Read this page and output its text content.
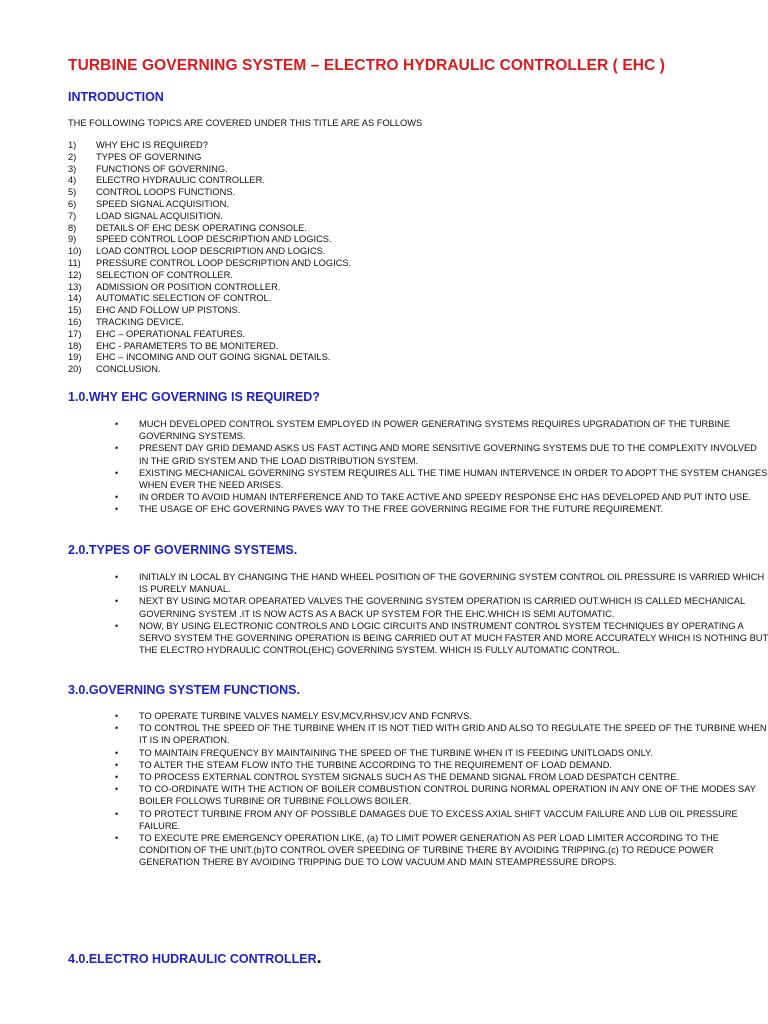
TURBINE GOVERNING SYSTEM – ELECTRO HYDRAULIC CONTROLLER ( EHC )
INTRODUCTION
THE FOLLOWING TOPICS ARE COVERED UNDER THIS TITLE ARE AS FOLLOWS
1) WHY EHC IS REQUIRED?
2) TYPES OF GOVERNING
3) FUNCTIONS OF GOVERNING.
4) ELECTRO HYDRAULIC CONTROLLER.
5) CONTROL LOOPS FUNCTIONS.
6) SPEED SIGNAL ACQUISITION.
7) LOAD SIGNAL ACQUISITION.
8) DETAILS OF EHC DESK OPERATING CONSOLE.
9) SPEED CONTROL LOOP DESCRIPTION AND LOGICS.
10) LOAD CONTROL LOOP DESCRIPTION AND LOGICS.
11) PRESSURE CONTROL LOOP DESCRIPTION AND LOGICS.
12) SELECTION OF CONTROLLER.
13) ADMISSION OR POSITION CONTROLLER.
14) AUTOMATIC SELECTION OF CONTROL.
15) EHC AND FOLLOW UP PISTONS.
16) TRACKING DEVICE.
17) EHC – OPERATIONAL FEATURES.
18) EHC - PARAMETERS TO BE MONITERED.
19) EHC – INCOMING AND OUT GOING SIGNAL DETAILS.
20) CONCLUSION.
1.0.WHY EHC GOVERNING IS REQUIRED?
• MUCH DEVELOPED CONTROL SYSTEM EMPLOYED IN POWER GENERATING SYSTEMS REQUIRES UPGRADATION OF THE TURBINE GOVERNING SYSTEMS.
• PRESENT DAY GRID DEMAND ASKS US FAST ACTING AND MORE SENSITIVE GOVERNING SYSTEMS DUE TO THE COMPLEXITY INVOLVED IN THE GRID SYSTEM AND THE LOAD DISTRIBUTION SYSTEM.
• EXISTING MECHANICAL GOVERNING SYSTEM REQUIRES ALL THE TIME HUMAN INTERVENCE IN ORDER TO ADOPT THE SYSTEM CHANGES WHEN EVER THE NEED ARISES.
• IN ORDER TO AVOID HUMAN INTERFERENCE AND TO TAKE ACTIVE AND SPEEDY RESPONSE EHC HAS DEVELOPED AND PUT INTO USE.
• THE USAGE OF EHC GOVERNING PAVES WAY TO THE FREE GOVERNING REGIME FOR THE FUTURE REQUIREMENT.
2.0.TYPES OF GOVERNING SYSTEMS.
• INITIALY IN LOCAL BY CHANGING THE HAND WHEEL POSITION OF THE GOVERNING SYSTEM CONTROL OIL PRESSURE IS VARRIED WHICH IS PURELY MANUAL.
• NEXT BY USING MOTAR OPEARATED VALVES THE GOVERNING SYSTEM OPERATION IS CARRIED OUT.WHICH IS CALLED MECHANICAL GOVERNING SYSTEM .IT IS NOW ACTS AS A BACK UP SYSTEM FOR THE EHC.WHICH IS SEMI AUTOMATIC.
• NOW, BY USING ELECTRONIC CONTROLS AND LOGIC CIRCUITS AND INSTRUMENT CONTROL SYSTEM TECHNIQUES BY OPERATING A SERVO SYSTEM THE GOVERNING OPERATION IS BEING CARRIED OUT AT MUCH FASTER AND MORE ACCURATELY WHICH IS NOTHING BUT THE ELECTRO HYDRAULIC CONTROL(EHC) GOVERNING SYSTEM. WHICH IS FULLY AUTOMATIC CONTROL.
3.0.GOVERNING SYSTEM FUNCTIONS.
• TO OPERATE TURBINE VALVES NAMELY ESV,MCV,RHSV,ICV AND FCNRVS.
• TO CONTROL THE SPEED OF THE TURBINE WHEN IT IS NOT TIED WITH GRID AND ALSO TO REGULATE THE SPEED OF THE TURBINE WHEN IT IS IN OPERATION.
• TO MAINTAIN FREQUENCY BY MAINTAINING THE SPEED OF THE TURBINE WHEN IT IS FEEDING UNITLOADS ONLY.
• TO ALTER THE STEAM FLOW INTO THE TURBINE ACCORDING TO THE REQUIREMENT OF LOAD DEMAND.
• TO PROCESS EXTERNAL CONTROL SYSTEM SIGNALS SUCH AS THE DEMAND SIGNAL FROM LOAD DESPATCH CENTRE.
• TO CO-ORDINATE WITH THE ACTION OF BOILER COMBUSTION CONTROL DURING NORMAL OPERATION IN ANY ONE OF THE MODES SAY BOILER FOLLOWS TURBINE OR TURBINE FOLLOWS BOILER.
• TO PROTECT TURBINE FROM ANY OF POSSIBLE DAMAGES DUE TO EXCESS AXIAL SHIFT VACCUM FAILURE AND LUB OIL PRESSURE FAILURE.
• TO EXECUTE PRE EMERGENCY OPERATION LIKE, (a) TO LIMIT POWER GENERATION AS PER LOAD LIMITER ACCORDING TO THE CONDITION OF THE UNIT.(b)TO CONTROL OVER SPEEDING OF TURBINE THERE BY AVOIDING TRIPPING.(c) TO REDUCE POWER GENERATION THERE BY AVOIDING TRIPPING DUE TO LOW VACUUM AND MAIN STEAMPRESSURE DROPS.
4.0.ELECTRO HUDRAULIC CONTROLLER.
